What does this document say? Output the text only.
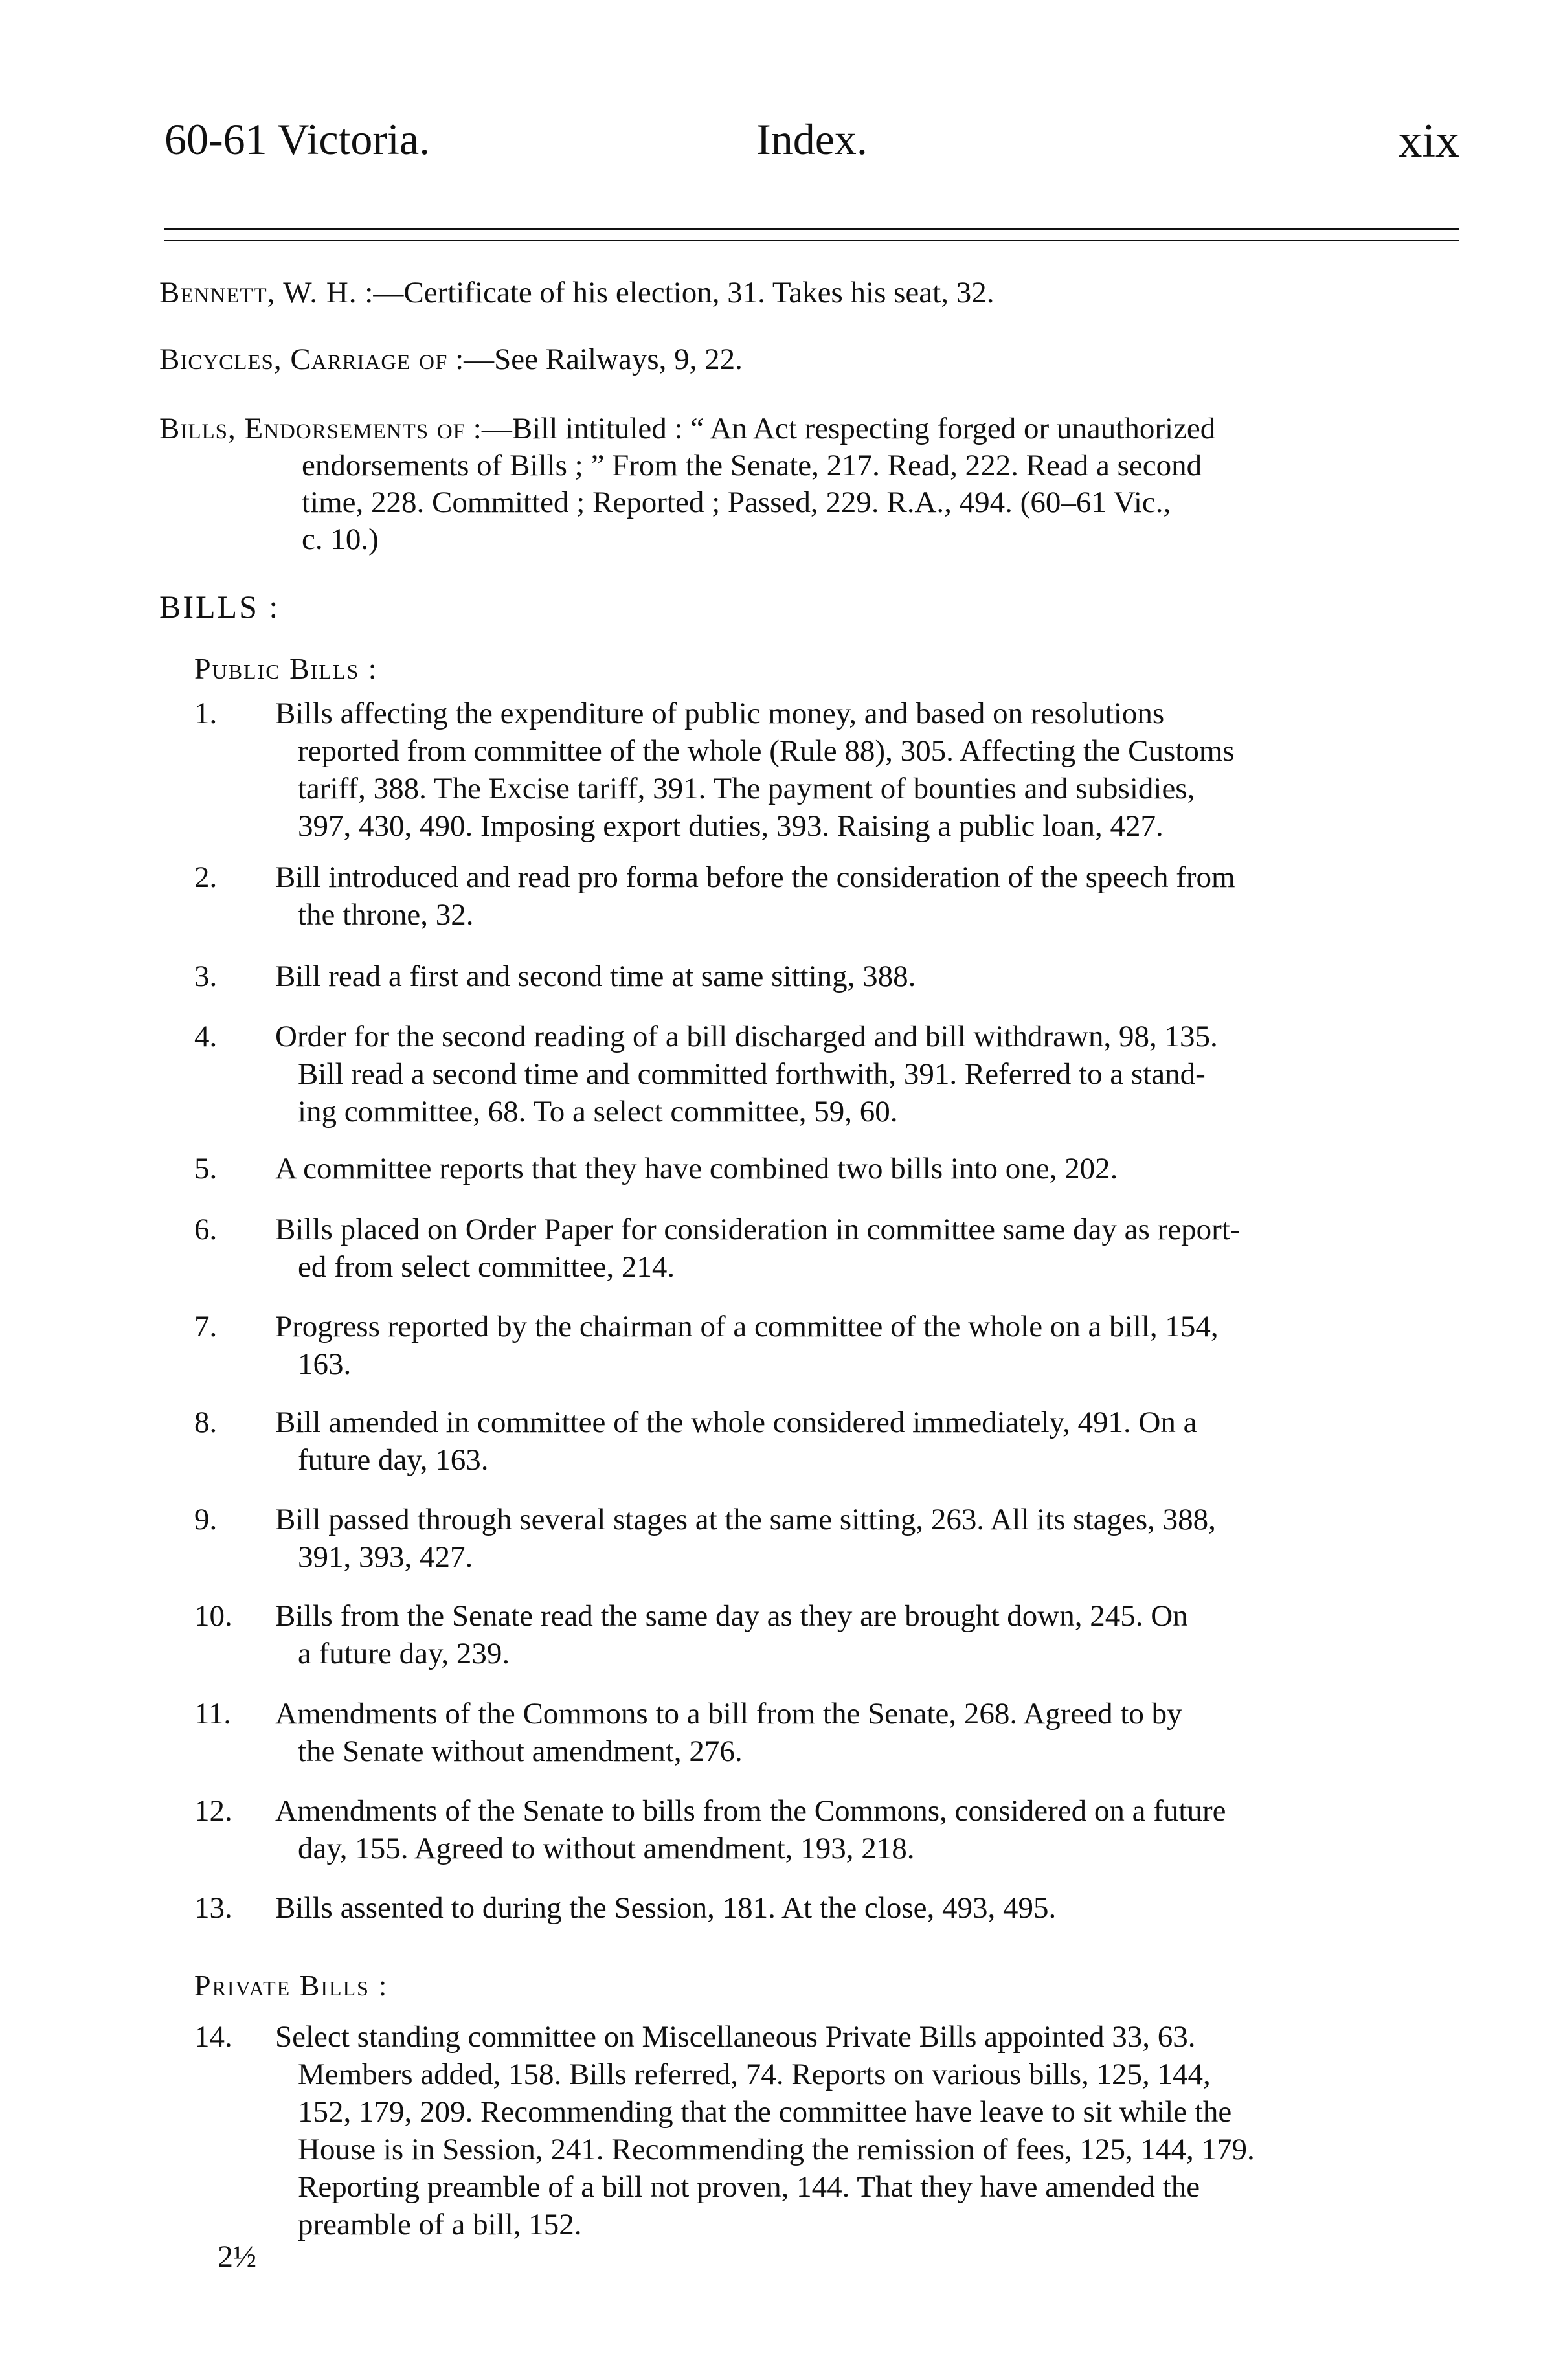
60-61 Victoria.	Index.	xix
Bennett, W. H. :—Certificate of his election, 31. Takes his seat, 32.
Bicycles, Carriage of :—See Railways, 9, 22.
Bills, Endorsements of :—Bill intituled : “ An Act respecting forged or unauthorized
endorsements of Bills ; ” From the Senate, 217. Read, 222. Read a second
time, 228. Committed ; Reported ; Passed, 229. R.A., 494. (60–61 Vic.,
c. 10.)
BILLS :
Public Bills :
1. Bills affecting the expenditure of public money, and based on resolutions
reported from committee of the whole (Rule 88), 305. Affecting the Customs
tariff, 388. The Excise tariff, 391. The payment of bounties and subsidies,
397, 430, 490. Imposing export duties, 393. Raising a public loan, 427.
2. Bill introduced and read pro forma before the consideration of the speech from
the throne, 32.
3. Bill read a first and second time at same sitting, 388.
4. Order for the second reading of a bill discharged and bill withdrawn, 98, 135.
Bill read a second time and committed forthwith, 391. Referred to a stand-
ing committee, 68. To a select committee, 59, 60.
5. A committee reports that they have combined two bills into one, 202.
6. Bills placed on Order Paper for consideration in committee same day as report-
ed from select committee, 214.
7. Progress reported by the chairman of a committee of the whole on a bill, 154,
163.
8. Bill amended in committee of the whole considered immediately, 491. On a
future day, 163.
9. Bill passed through several stages at the same sitting, 263. All its stages, 388,
391, 393, 427.
10. Bills from the Senate read the same day as they are brought down, 245. On
a future day, 239.
11. Amendments of the Commons to a bill from the Senate, 268. Agreed to by
the Senate without amendment, 276.
12. Amendments of the Senate to bills from the Commons, considered on a future
day, 155. Agreed to without amendment, 193, 218.
13. Bills assented to during the Session, 181. At the close, 493, 495.
Private Bills :
14. Select standing committee on Miscellaneous Private Bills appointed 33, 63.
Members added, 158. Bills referred, 74. Reports on various bills, 125, 144,
152, 179, 209. Recommending that the committee have leave to sit while the
House is in Session, 241. Recommending the remission of fees, 125, 144, 179.
Reporting preamble of a bill not proven, 144. That they have amended the
preamble of a bill, 152.
2½
